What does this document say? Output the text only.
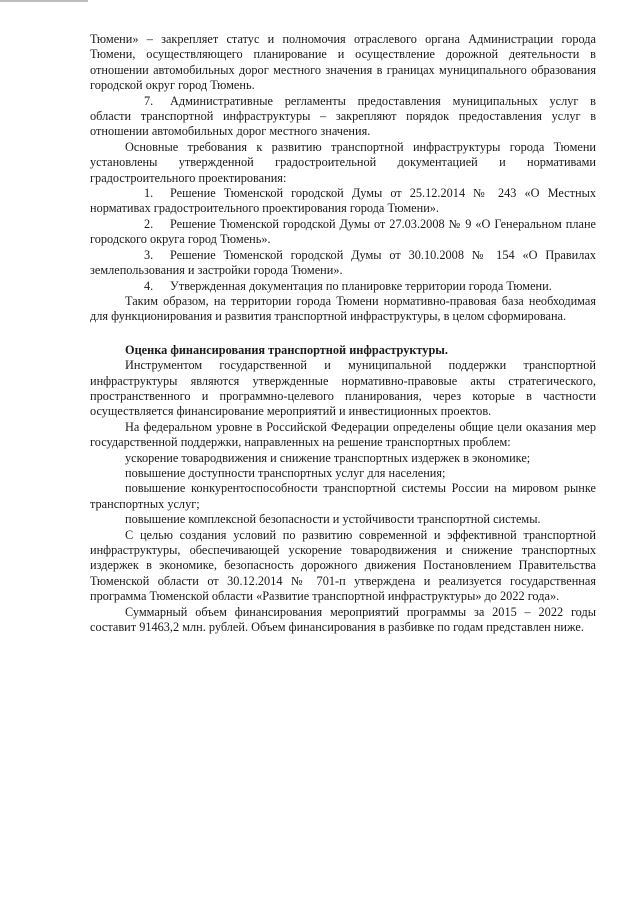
Тюмени» – закрепляет статус и полномочия отраслевого органа Администрации города Тюмени, осуществляющего планирование и осуществление дорожной деятельности в отношении автомобильных дорог местного значения в границах муниципального образования городской округ город Тюмень.

7. Административные регламенты предоставления муниципальных услуг в области транспортной инфраструктуры – закрепляют порядок предоставления услуг в отношении автомобильных дорог местного значения.

Основные требования к развитию транспортной инфраструктуры города Тюмени установлены утвержденной градостроительной документацией и нормативами градостроительного проектирования:

1. Решение Тюменской городской Думы от 25.12.2014 № 243 «О Местных нормативах градостроительного проектирования города Тюмени».

2. Решение Тюменской городской Думы от 27.03.2008 № 9 «О Генеральном плане городского округа город Тюмень».

3. Решение Тюменской городской Думы от 30.10.2008 № 154 «О Правилах землепользования и застройки города Тюмени».

4. Утвержденная документация по планировке территории города Тюмени.

Таким образом, на территории города Тюмени нормативно-правовая база необходимая для функционирования и развития транспортной инфраструктуры, в целом сформирована.

Оценка финансирования транспортной инфраструктуры.

Инструментом государственной и муниципальной поддержки транспортной инфраструктуры являются утвержденные нормативно-правовые акты стратегического, пространственного и программно-целевого планирования, через которые в частности осуществляется финансирование мероприятий и инвестиционных проектов.

На федеральном уровне в Российской Федерации определены общие цели оказания мер государственной поддержки, направленных на решение транспортных проблем:

ускорение товародвижения и снижение транспортных издержек в экономике;

повышение доступности транспортных услуг для населения;

повышение конкурентоспособности транспортной системы России на мировом рынке транспортных услуг;

повышение комплексной безопасности и устойчивости транспортной системы.

С целью создания условий по развитию современной и эффективной транспортной инфраструктуры, обеспечивающей ускорение товародвижения и снижение транспортных издержек в экономике, безопасность дорожного движения Постановлением Правительства Тюменской области от 30.12.2014 № 701-п утверждена и реализуется государственная программа Тюменской области «Развитие транспортной инфраструктуры» до 2022 года».

Суммарный объем финансирования мероприятий программы за 2015 – 2022 годы составит 91463,2 млн. рублей. Объем финансирования в разбивке по годам представлен ниже.
